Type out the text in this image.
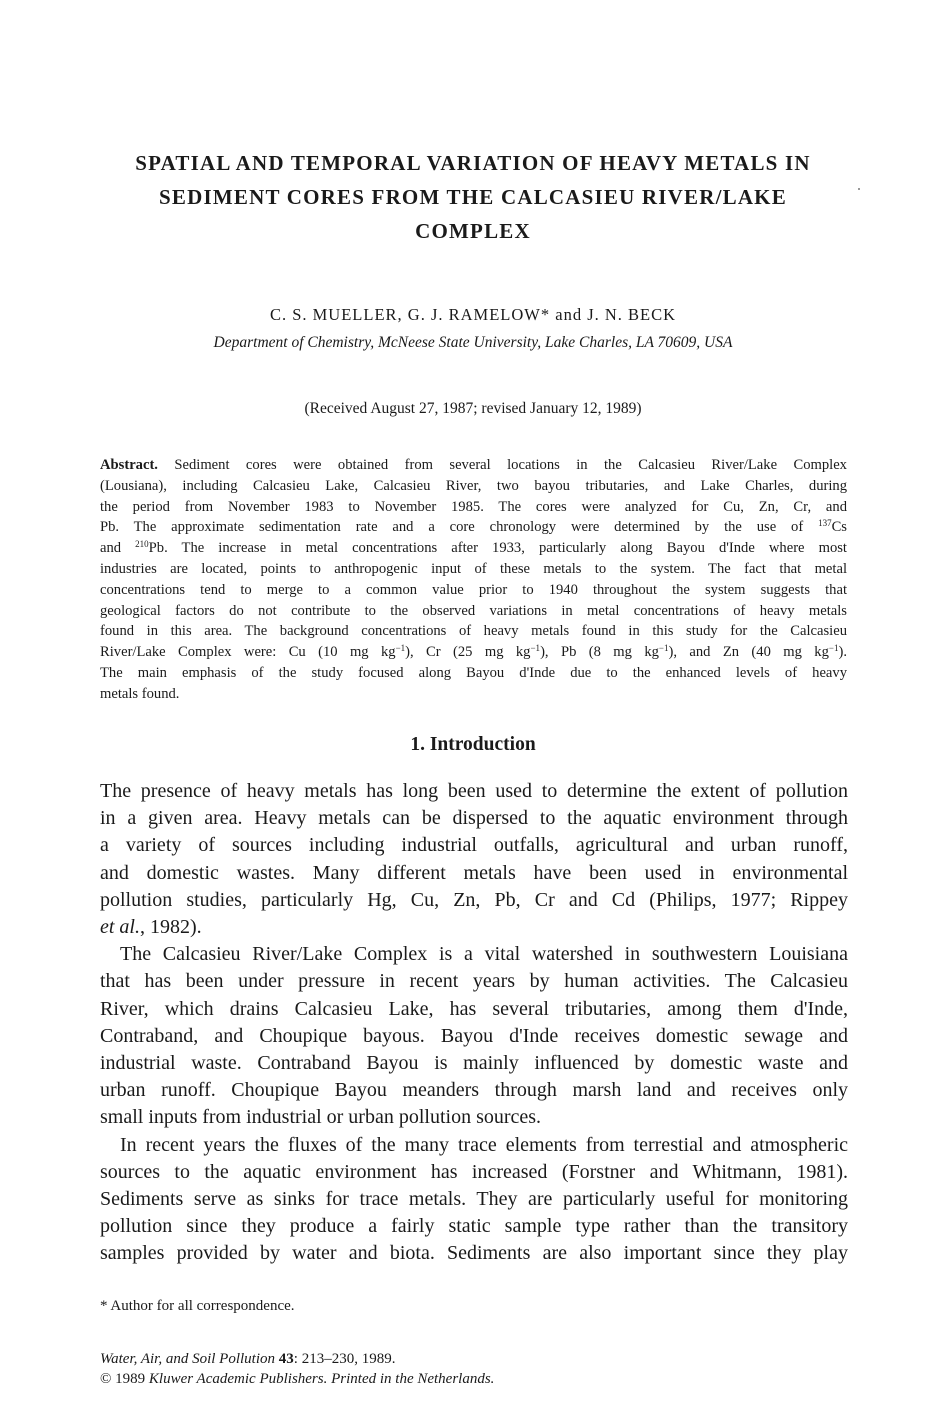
SPATIAL AND TEMPORAL VARIATION OF HEAVY METALS IN
SEDIMENT CORES FROM THE CALCASIEU RIVER/LAKE
COMPLEX
C. S. MUELLER, G. J. RAMELOW* and J. N. BECK
Department of Chemistry, McNeese State University, Lake Charles, LA 70609, USA
(Received August 27, 1987; revised January 12, 1989)
Abstract. Sediment cores were obtained from several locations in the Calcasieu River/Lake Complex
(Lousiana), including Calcasieu Lake, Calcasieu River, two bayou tributaries, and Lake Charles, during
the period from November 1983 to November 1985. The cores were analyzed for Cu, Zn, Cr, and
Pb. The approximate sedimentation rate and a core chronology were determined by the use of $^{137}$Cs
and $^{210}$Pb. The increase in metal concentrations after 1933, particularly along Bayou d'Inde where most
industries are located, points to anthropogenic input of these metals to the system. The fact that metal
concentrations tend to merge to a common value prior to 1940 throughout the system suggests that
geological factors do not contribute to the observed variations in metal concentrations of heavy metals
found in this area. The background concentrations of heavy metals found in this study for the Calcasieu
River/Lake Complex were: Cu (10 mg $kg^{-1}$), Cr (25 mg $kg^{-1}$), Pb (8 mg $kg^{-1}$), and Zn (40 mg $kg^{-1}$).
The main emphasis of the study focused along Bayou d'Inde due to the enhanced levels of heavy
metals found.
1. Introduction
The presence of heavy metals has long been used to determine the extent of pollution
in a given area. Heavy metals can be dispersed to the aquatic environment through
a variety of sources including industrial outfalls, agricultural and urban runoff,
and domestic wastes. Many different metals have been used in environmental
pollution studies, particularly Hg, Cu, Zn, Pb, Cr and Cd (Philips, 1977; Rippey
et al., 1982).
The Calcasieu River/Lake Complex is a vital watershed in southwestern Louisiana
that has been under pressure in recent years by human activities. The Calcasieu
River, which drains Calcasieu Lake, has several tributaries, among them d'Inde,
Contraband, and Choupique bayous. Bayou d'Inde receives domestic sewage and
industrial waste. Contraband Bayou is mainly influenced by domestic waste and
urban runoff. Choupique Bayou meanders through marsh land and receives only
small inputs from industrial or urban pollution sources.
In recent years the fluxes of the many trace elements from terrestial and atmospheric
sources to the aquatic environment has increased (Forstner and Whitmann, 1981).
Sediments serve as sinks for trace metals. They are particularly useful for monitoring
pollution since they produce a fairly static sample type rather than the transitory
samples provided by water and biota. Sediments are also important since they play
* Author for all correspondence.
Water, Air, and Soil Pollution 43: 213–230, 1989.
© 1989 Kluwer Academic Publishers. Printed in the Netherlands.
